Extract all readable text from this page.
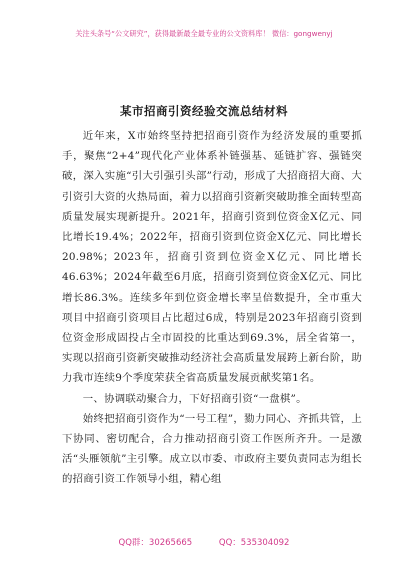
关注头条号“公文研究”，获得最新最全最专业的公文资料库！ 微信：gongwenyj
某市招商引资经验交流总结材料

近年来，X市始终坚持把招商引资作为经济发展的重要抓手，聚焦“2+4”现代化产业体系补链强基、延链扩容、强链突破，深入实施“引大引强引头部”行动，形成了大招商招大商、大引资引大资的火热局面，着力以招商引资新突破助推全面转型高质量发展实现新提升。2021年，招商引资到位资金X亿元、同比增长19.4%；2022年，招商引资到位资金X亿元、同比增长20.98%；2023年，招商引资到位资金X亿元、同比增长46.63%；2024年截至6月底，招商引资到位资金X亿元、同比增长86.3%。连续多年到位资金增长率呈倍数提升，全市重大项目中招商引资项目占比超过6成，特别是2023年招商引资到位资金形成固投占全市固投的比重达到69.3%，居全省第一，实现以招商引资新突破推动经济社会高质量发展跨上新台阶，助力我市连续9个季度荣获全省高质量发展贡献奖第1名。

一、协调联动聚合力，下好招商引资“一盘棋”。

始终把招商引资作为“一号工程”，勠力同心、齐抓共管，上下协同、密切配合，合力推动招商引资工作医所齐升。一是激活“头雁领航”主引擎。成立以市委、市政府主要负责同志为组长的招商引资工作领导小组，精心组

QQ群：30265665	QQ：535304092
